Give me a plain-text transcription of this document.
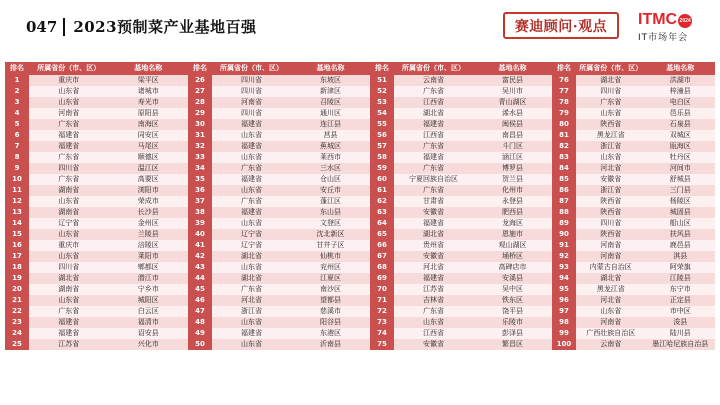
047 2023预制菜产业基地百强	赛迪顾问·观点 ITMC 2024
IT市场年会
排名	所属省份（市、区）	基地名称
1	重庆市	梁平区
2	山东省	诸城市
3	山东省	寿光市
4	河南省	原阳县
5	广东省	南海区
6	福建省	同安区
7	福建省	马尾区
8	广东省	顺德区
9	四川省	温江区
10	广东省	高要区
11	湖南省	浏阳市
12	山东省	荣成市
13	湖南省	长沙县
14	辽宁省	金州区
15	山东省	兰陵县
16	重庆市	涪陵区
17	山东省	莱阳市
18	四川省	郫都区
19	湖北省	潜江市
20	湖南省	宁乡市
21	山东省	城阳区
22	广东省	白云区
23	福建省	福清市
24	福建省	诏安县
25	江苏省	兴化市
排名	所属省份（市、区）	基地名称
26	四川省	东坡区
27	四川省	新津区
28	河南省	召陵区
29	四川省	通川区
30	福建省	连江县
31	山东省	莒县
32	福建省	蕉城区
33	山东省	莱西市
34	广东省	三水区
35	福建省	仓山区
36	山东省	安丘市
37	广东省	蓬江区
38	福建省	东山县
39	山东省	文登区
40	辽宁省	沈北新区
41	辽宁省	甘井子区
42	湖北省	仙桃市
43	山东省	兖州区
44	湖北省	江夏区
45	广东省	南沙区
46	河北省	望都县
47	浙江省	慈溪市
48	山东省	阳谷县
49	福建省	东港区
50	山东省	沂南县
排名	所属省份（市、区）	基地名称
51	云南省	富民县
52	广东省	吴川市
53	江西省	青山湖区
54	湖北省	浠水县
55	福建省	闽侯县
56	江西省	南昌县
57	广东省	斗门区
58	福建省	涵江区
59	广东省	博罗县
60	宁夏回族自治区	贺兰县
61	广东省	化州市
62	甘肃省	永登县
63	安徽省	肥西县
64	福建省	龙海区
65	湖北省	恩施市
66	贵州省	观山湖区
67	安徽省	埇桥区
68	河北省	高碑店市
69	福建省	安溪县
70	江苏省	吴中区
71	吉林省	铁东区
72	广东省	饶平县
73	山东省	乐陵市
74	江西省	彭泽县
75	安徽省	繁昌区
排名	所属省份（市、区）	基地名称
76	湖北省	洪湖市
77	四川省	梓潼县
78	广东省	电白区
79	山东省	邑乐县
80	陕西省	石泉县
81	黑龙江省	双城区
82	浙江省	瓯海区
83	山东省	牡丹区
84	河北省	河间市
85	安徽省	舒城县
86	浙江省	三门县
87	陕西省	杨陵区
88	陕西省	城固县
89	四川省	船山区
90	陕西省	扶风县
91	河南省	鹿邑县
92	河南省	淇县
93	内蒙古自治区	阿荣旗
94	湖北省	江陵县
95	黑龙江省	东宁市
96	河北省	正定县
97	山东省	市中区
98	河南省	浚县
99	广西壮族自治区	陆川县
100	云南省	墨江哈尼族自治县
